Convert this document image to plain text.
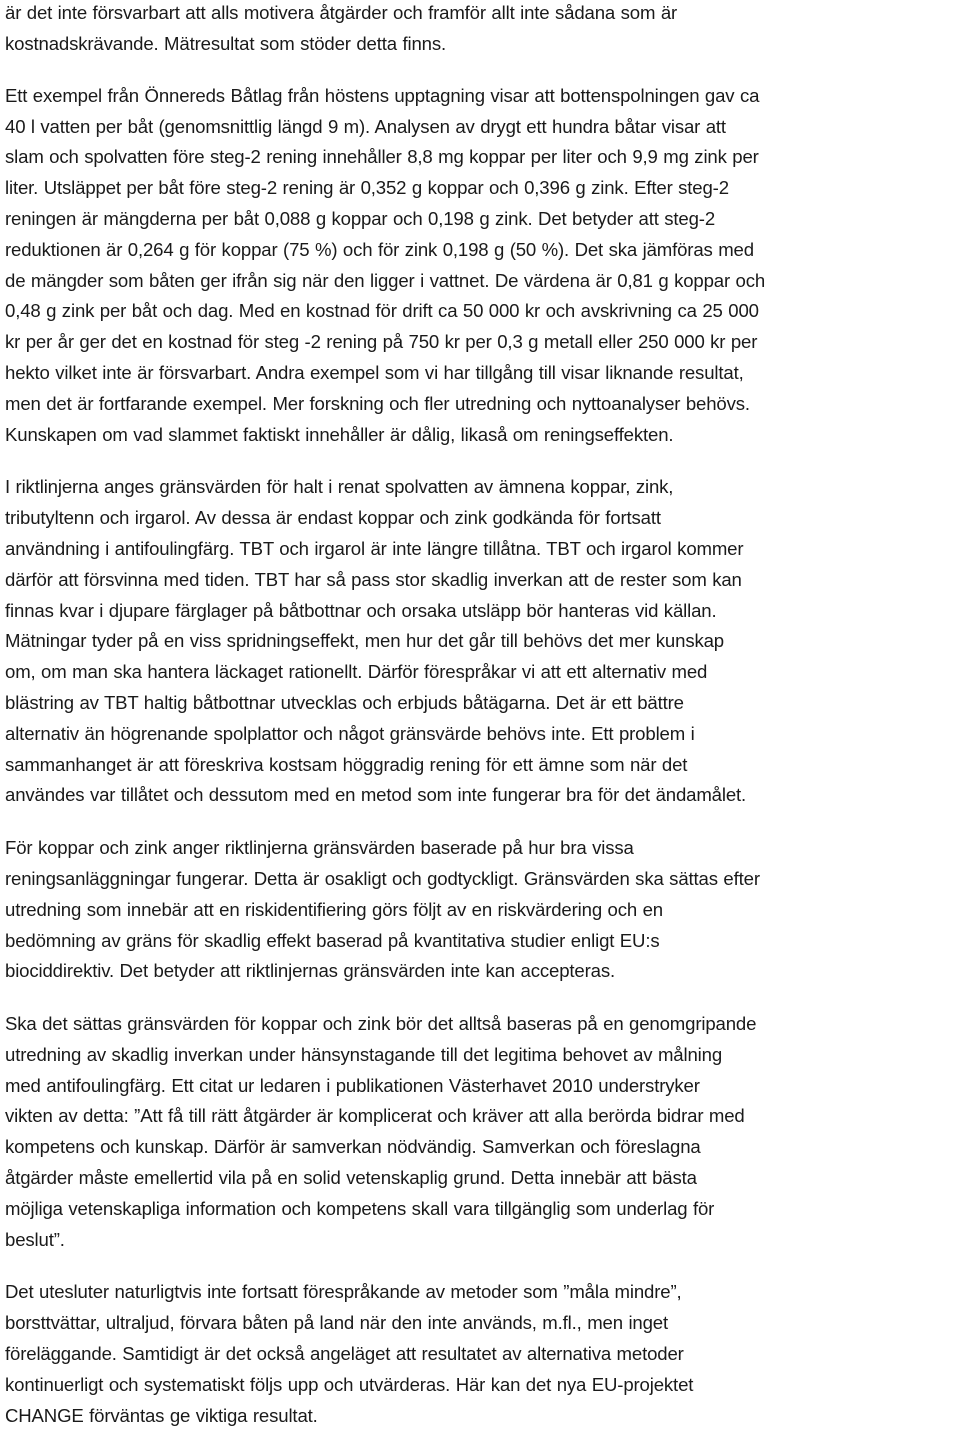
är det inte försvarbart att alls motivera åtgärder och framför allt inte sådana som är
kostnadskrävande. Mätresultat som stöder detta finns.

Ett exempel från Önnereds Båtlag från höstens upptagning visar att bottenspolningen gav ca
40 l vatten per båt (genomsnittlig längd 9 m). Analysen av drygt ett hundra båtar visar att
slam och spolvatten före steg-2 rening innehåller 8,8 mg koppar per liter och 9,9 mg zink per
liter. Utsläppet per båt före steg-2 rening är 0,352 g koppar och 0,396 g zink. Efter steg-2
reningen är mängderna per båt 0,088 g koppar och 0,198 g zink. Det betyder att steg-2
reduktionen är 0,264 g för koppar (75 %) och för zink 0,198 g (50 %). Det ska jämföras med
de mängder som båten ger ifrån sig när den ligger i vattnet. De värdena är 0,81 g koppar och
0,48 g zink per båt och dag. Med en kostnad för drift ca 50 000 kr och avskrivning ca 25 000
kr per år ger det en kostnad för steg -2 rening på 750 kr per 0,3 g metall eller 250 000 kr per
hekto vilket inte är försvarbart. Andra exempel som vi har tillgång till visar liknande resultat,
men det är fortfarande exempel. Mer forskning och fler utredning och nyttoanalyser behövs.
Kunskapen om vad slammet faktiskt innehåller är dålig, likaså om reningseffekten.

I riktlinjerna anges gränsvärden för halt i renat spolvatten av ämnena koppar, zink,
tributyltenn och irgarol. Av dessa är endast koppar och zink godkända för fortsatt
användning i antifoulingfärg. TBT och irgarol är inte längre tillåtna. TBT och irgarol kommer
därför att försvinna med tiden. TBT har så pass stor skadlig inverkan att de rester som kan
finnas kvar i djupare färglager på båtbottnar och orsaka utsläpp bör hanteras vid källan.
Mätningar tyder på en viss spridningseffekt, men hur det går till behövs det mer kunskap
om, om man ska hantera läckaget rationellt. Därför förespråkar vi att ett alternativ med
blästring av TBT haltig båtbottnar utvecklas och erbjuds båtägarna. Det är ett bättre
alternativ än högrenande spolplattor och något gränsvärde behövs inte. Ett problem i
sammanhanget är att föreskriva kostsam höggradig rening för ett ämne som när det
användes var tillåtet och dessutom med en metod som inte fungerar bra för det ändamålet.

För koppar och zink anger riktlinjerna gränsvärden baserade på hur bra vissa
reningsanläggningar fungerar. Detta är osakligt och godtyckligt. Gränsvärden ska sättas efter
utredning som innebär att en riskidentifiering görs följt av en riskvärdering och en
bedömning av gräns för skadlig effekt baserad på kvantitativa studier enligt EU:s
biociddirektiv. Det betyder att riktlinjernas gränsvärden inte kan accepteras.

Ska det sättas gränsvärden för koppar och zink bör det alltså baseras på en genomgripande
utredning av skadlig inverkan under hänsynstagande till det legitima behovet av målning
med antifoulingfärg. Ett citat ur ledaren i publikationen Västerhavet 2010 understryker
vikten av detta: ”Att få till rätt åtgärder är komplicerat och kräver att alla berörda bidrar med
kompetens och kunskap. Därför är samverkan nödvändig. Samverkan och föreslagna
åtgärder måste emellertid vila på en solid vetenskaplig grund. Detta innebär att bästa
möjliga vetenskapliga information och kompetens skall vara tillgänglig som underlag för
beslut”.

Det utesluter naturligtvis inte fortsatt förespråkande av metoder som ”måla mindre”,
borsttvättar, ultraljud, förvara båten på land när den inte används, m.fl., men inget
föreläggande. Samtidigt är det också angeläget att resultatet av alternativa metoder
kontinuerligt och systematiskt följs upp och utvärderas. Här kan det nya EU-projektet
CHANGE förväntas ge viktiga resultat.
